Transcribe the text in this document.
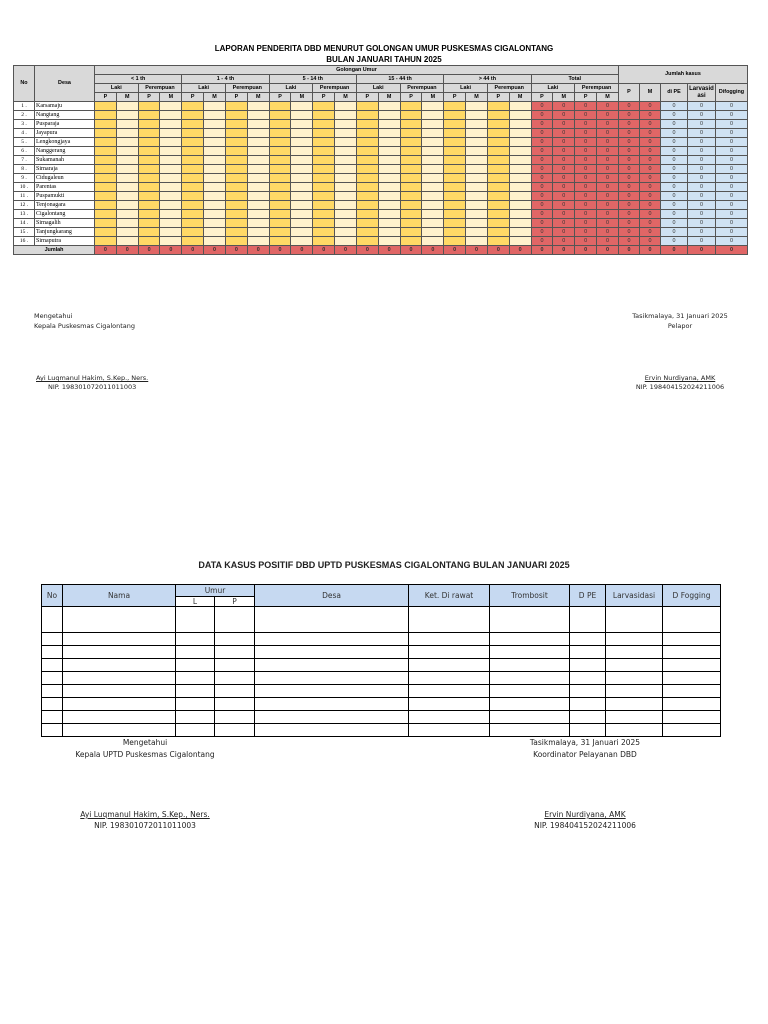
LAPORAN PENDERITA DBD MENURUT GOLONGAN UMUR PUSKESMAS CIGALONTANG
BULAN JANUARI TAHUN 2025
No	Desa	Golongan Umur																								Jumlah kasus				
		< 1 th				1 - 4 th				5 - 14 th				15 - 44 th				> 44 th				Total								
		Laki		Perempuan		Laki		Perempuan		Laki		Perempuan		Laki		Perempuan		Laki		Perempuan		Laki		Perempuan		P	M	di PE	Larvasid asi	Difogging
		P	M	P	M	P	M	P	M	P	M	P	M	P	M	P	M	P	M	P	M	P	M	P	M					
1 .	Karsamaju																					0	0	0	0	0	0	0	0	0
2 .	Nangtang																					0	0	0	0	0	0	0	0	0
3 .	Pusparaja																					0	0	0	0	0	0	0	0	0
4 .	Jayapura																					0	0	0	0	0	0	0	0	0
5 .	Lengkongjaya																					0	0	0	0	0	0	0	0	0
6 .	Nanggerang																					0	0	0	0	0	0	0	0	0
7 .	Sukamanah																					0	0	0	0	0	0	0	0	0
8 .	Sirnaraja																					0	0	0	0	0	0	0	0	0
9 .	Cidugaleun																					0	0	0	0	0	0	0	0	0
10 .	Parentas																					0	0	0	0	0	0	0	0	0
11 .	Puspamukti																					0	0	0	0	0	0	0	0	0
12 .	Tenjonagara																					0	0	0	0	0	0	0	0	0
13 .	Cigalontang																					0	0	0	0	0	0	0	0	0
14 .	Sirnagalih																					0	0	0	0	0	0	0	0	0
15 .	Tanjungkarang																					0	0	0	0	0	0	0	0	0
16 .	Sirnaputra																					0	0	0	0	0	0	0	0	0
Jumlah		0	0	0	0	0	0	0	0	0	0	0	0	0	0	0	0	0	0	0	0	0	0	0	0	0	0	0	0	0
Mengetahui
Kepala Puskesmas Cigalontang
Ayi Luqmanul Hakim, S.Kep., Ners.
NIP. 198301072011011003
Tasikmalaya, 31 Januari 2025
Pelapor
Ervin Nurdiyana, AMK
NIP. 198404152024211006
DATA KASUS POSITIF DBD UPTD PUSKESMAS CIGALONTANG BULAN JANUARI 2025
No	Nama	Umur		Desa	Ket. Di rawat	Trombosit	D PE	Larvasidasi	D Fogging
		L	P						

Mengetahui
Kepala UPTD Puskesmas Cigalontang
Ayi Luqmanul Hakim, S.Kep., Ners.
NIP. 198301072011011003
Tasikmalaya, 31 Januari 2025
Koordinator Pelayanan DBD
Ervin Nurdiyana, AMK
NIP. 198404152024211006
